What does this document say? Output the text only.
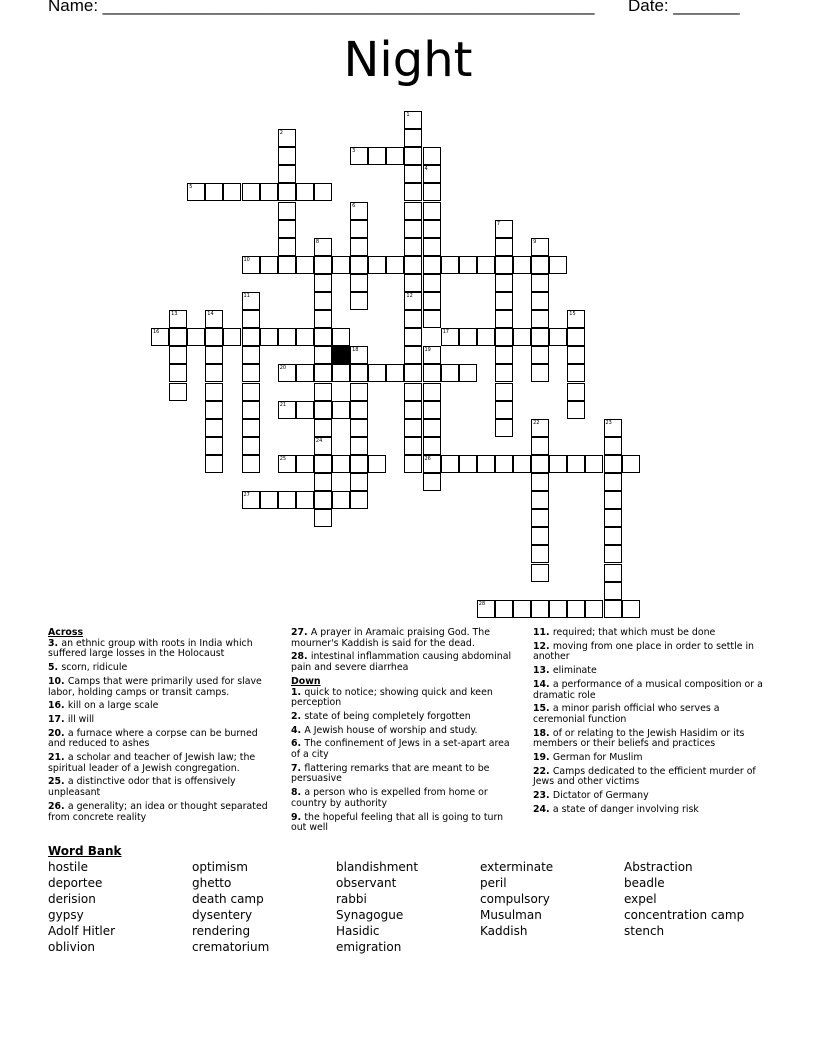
Name: ____________________________________________________ Date: _______
Night
1
12
2
3
4
5
6
7
8
24
9
10
11
13	14	15
16	17
18	19
26
20
21
22	23
25
27
28
Across
3. an ethnic group with roots in India which suffered large losses in the Holocaust
5. scorn, ridicule
10. Camps that were primarily used for slave labor, holding camps or transit camps.
16. kill on a large scale
17. ill will
20. a furnace where a corpse can be burned and reduced to ashes
21. a scholar and teacher of Jewish law; the spiritual leader of a Jewish congregation.
25. a distinctive odor that is offensively unpleasant
26. a generality; an idea or thought separated from concrete reality
27. A prayer in Aramaic praising God. The mourner's Kaddish is said for the dead.
28. intestinal inflammation causing abdominal pain and severe diarrhea
Down
1. quick to notice; showing quick and keen perception
2. state of being completely forgotten
4. A Jewish house of worship and study.
6. The confinement of Jews in a set-apart area of a city
7. flattering remarks that are meant to be persuasive
8. a person who is expelled from home or country by authority
9. the hopeful feeling that all is going to turn out well
11. required; that which must be done
12. moving from one place in order to settle in another
13. eliminate
14. a performance of a musical composition or a dramatic role
15. a minor parish official who serves a ceremonial function
18. of or relating to the Jewish Hasidim or its members or their beliefs and practices
19. German for Muslim
22. Camps dedicated to the efficient murder of Jews and other victims
23. Dictator of Germany
24. a state of danger involving risk
Word Bank
hostile
deportee
derision
gypsy
Adolf Hitler
oblivion
optimism
ghetto
death camp
dysentery
rendering
crematorium
blandishment
observant
rabbi
Synagogue
Hasidic
emigration
exterminate
peril
compulsory
Musulman
Kaddish
Abstraction
beadle
expel
concentration camp
stench
